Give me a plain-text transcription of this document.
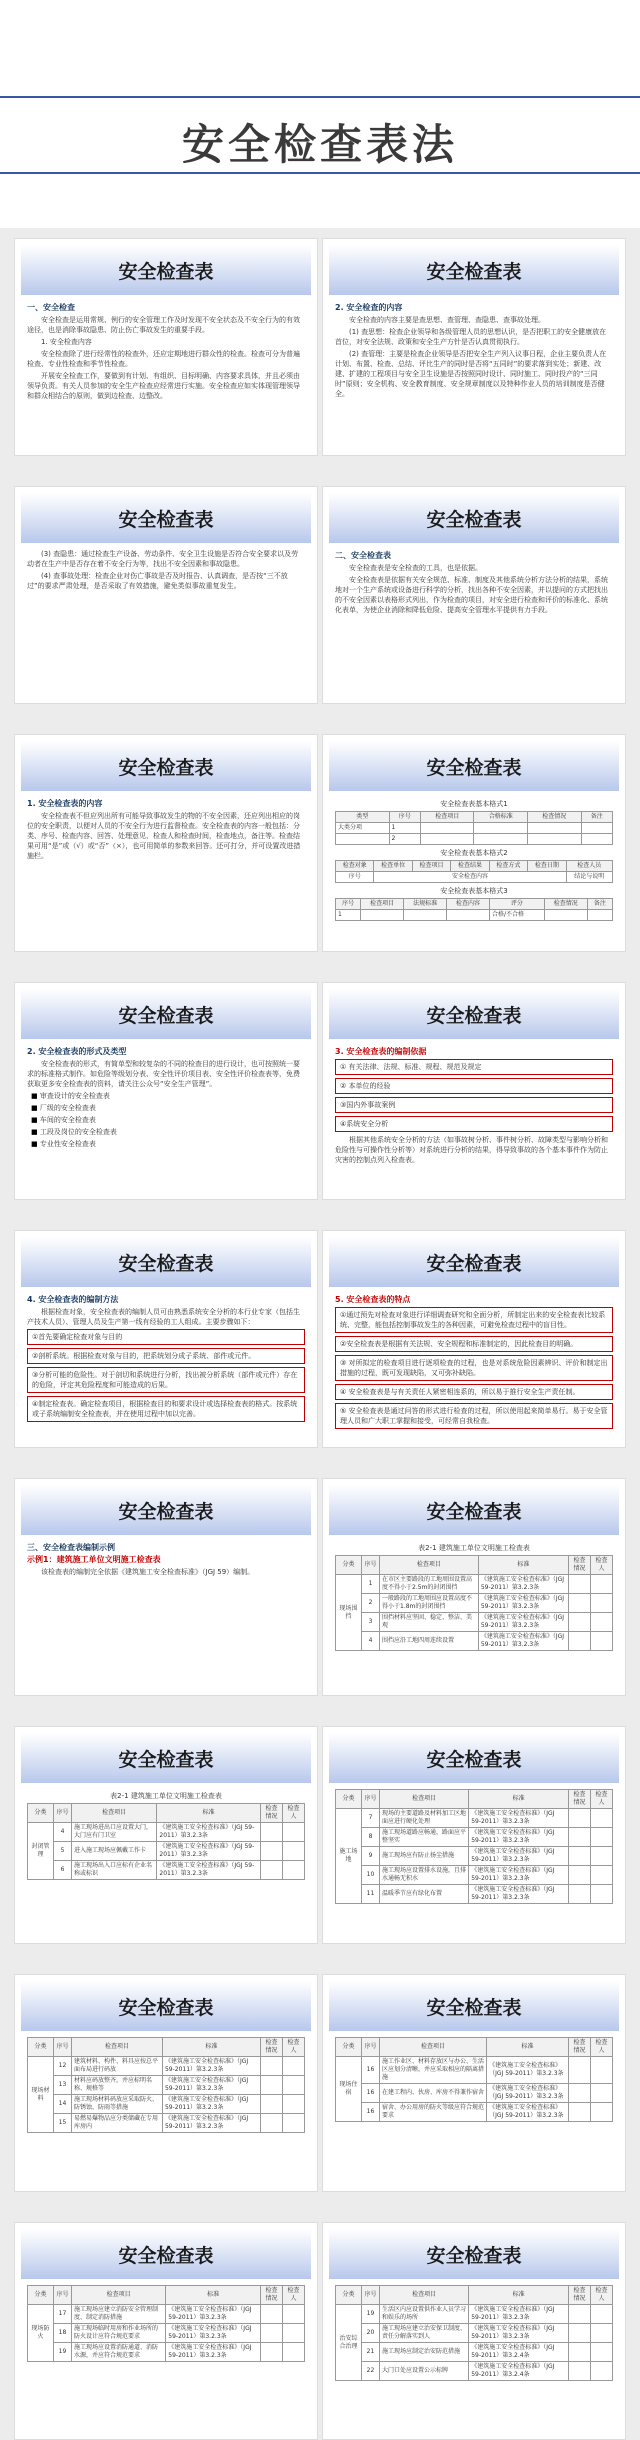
安全检查表法
安全检查表
一、安全检查
安全检查是运用常规、例行的安全管理工作及时发现不安全状态及不安全行为的有效途径，也是消除事故隐患、防止伤亡事故发生的重要手段。
1. 安全检查内容
安全检查除了进行经常性的检查外，还应定期地进行群众性的检查。检查可分为普遍检查、专业性检查和季节性检查。
开展安全检查工作，要做到有计划、有组织、目标明确、内容要求具体，并且必须由领导负责。有关人员参加的安全生产检查应经常进行实施。安全检查应如实体现管理领导和群众相结合的原则，做到边检查、边整改。
安全检查表
2. 安全检查的内容
安全检查的内容主要是查思想、查管理、查隐患、查事故处理。
(1) 查思想：检查企业领导和各级管理人员的思想认识，是否把职工的安全健康放在首位，对安全法规、政策和安全生产方针是否认真贯彻执行。
(2) 查管理：主要是检查企业领导是否把安全生产列入议事日程，企业主要负责人在计划、布置、检查、总结、评比生产的同时是否将“五同时”的要求落到实处；新建、改建、扩建的工程项目与安全卫生设施是否按照同时设计、同时施工、同时投产的“三同时”原则；安全机构、安全教育制度、安全规章制度以及特种作业人员的培训制度是否健全。
安全检查表
(3) 查隐患：通过检查生产设备、劳动条件、安全卫生设施是否符合安全要求以及劳动者在生产中是否存在着不安全行为等，找出不安全因素和事故隐患。
(4) 查事故处理：检查企业对伤亡事故是否及时报告、认真调查，是否按“三不放过”的要求严肃处理，是否采取了有效措施，避免类似事故重复发生。
安全检查表
二、安全检查表
安全检查表是安全检查的工具，也是依据。
安全检查表是依据有关安全规范、标准、制度及其他系统分析方法分析的结果，系统地对一个生产系统或设备进行科学的分析，找出各种不安全因素，并以提问的方式把找出的不安全因素以表格形式列出，作为检查的项目，对安全进行检查和评价的标准化、系统化表单，为使企业消除和降低危险、提高安全管理水平提供有力手段。
安全检查表
1. 安全检查表的内容
安全检查表不但应列出所有可能导致事故发生的物的不安全因素，还应列出相应的岗位的安全职责，以便对人员的不安全行为进行监督检查。安全检查表的内容一般包括：分类、序号、检查内容、回答、处理意见、检查人和检查时间，检查地点，备注等。检查结果可用“是”或（√）或“否”（×），也可用简单的参数来回答。还可打分，并可设置改进措施栏。
安全检查表
安全检查表基本格式1
类型	序号	检查项目	合格标准	检查情况	备注
大类分项	1				
	2				
安全检查表基本格式2
检查对象	检查单位	检查项目	检查结果	检查方式	检查日期	检查人员
序号	安全检查内容					结论与说明
安全检查表基本格式3
序号	检查项目	法规标准	检查内容	评分	检查情况	备注
1				合格/不合格		
安全检查表
2. 安全检查表的形式及类型
安全检查表的形式，有简单型和较复杂的不同的检查目的进行设计，也可按照统一要求的标准格式制作。如危险等级划分表、安全性评价项目表、安全性评价检查表等，免费获取更多安全检查表的资料，请关注公众号“安全生产管理”。
■ 审查设计的安全检查表
■ 厂级的安全检查表
■ 车间的安全检查表
■ 工段及岗位的安全检查表
■ 专业性安全检查表
安全检查表
3. 安全检查表的编制依据
① 有关法律、法规、标准、规程、规范及规定
② 本单位的经验
③国内外事故案例
④系统安全分析
根据其他系统安全分析的方法（如事故树分析、事件树分析、故障类型与影响分析和危险性与可操作性分析等）对系统进行分析的结果，得导致事故的各个基本事件作为防止灾害的控制点列入检查表。
安全检查表
4. 安全检查表的编制方法
根据检查对象，安全检查表的编制人员可由熟悉系统安全分析的本行业专家（包括生产技术人员）、管理人员及生产第一线有经验的工人组成。主要步骤如下：
①首先要确定检查对象与目的
②剖析系统。根据检查对象与目的，把系统划分成子系统、部件或元件。
③分析可能的危险性。对于剖切和系统进行分析，找出被分析系统（部件或元件）存在的危险，评定其危险程度和可能造成的后果。
④制定检查表。确定检查项目，根据检查目的和要求设计或选择检查表的格式。按系统或子系统编制安全检查表，并在使用过程中加以完善。
安全检查表
5. 安全检查表的特点
①通过预先对检查对象进行详细调查研究和全面分析，所制定出来的安全检查表比较系统、完整，能包括控制事故发生的各种因素，可避免检查过程中的盲目性。
②安全检查表是根据有关法规、安全规程和标准制定的，因此检查目的明确。
③ 对所拟定的检查项目进行逐项检查的过程，也是对系统危险因素辨识、评价和制定出措施的过程，既可发现缺陷，又可弥补缺陷。
④ 安全检查表是与有关责任人紧密相连系的，所以易于推行安全生产责任制。
⑤ 安全检查表是通过问答的形式进行检查的过程，所以使用起来简单易行。易于安全管理人员和广大职工掌握和接受，可经常自我检查。
安全检查表
三、安全检查表编制示例
示例1：建筑施工单位文明施工检查表
该检查表的编制完全依据《建筑施工安全检查标准》（JGJ 59）编制。
安全检查表
表2-1 建筑施工单位文明施工检查表
分类	序号	检查项目	标准	检查情况	检查人
现场围挡	1	在市区主要路段的工地周围设置高度不得小于2.5m的封闭围挡	《建筑施工安全检查标准》（JGJ 59-2011）第3.2.3条		
	2	一般路段的工地周围应设置高度不得小于1.8m的封闭围挡	《建筑施工安全检查标准》（JGJ 59-2011）第3.2.3条		
	3	围挡材料应坚固、稳定、整洁、美观	《建筑施工安全检查标准》（JGJ 59-2011）第3.2.3条		
	4	围挡应沿工地四周连续设置	《建筑施工安全检查标准》（JGJ 59-2011）第3.2.3条		
安全检查表
表2-1 建筑施工单位文明施工检查表
分类	序号	检查项目	标准	检查情况	检查人
封闭管理	4	施工现场进出口应设置大门，大门应有门卫室	《建筑施工安全检查标准》（JGJ 59-2011）第3.2.3条		
	5	进入施工现场应佩戴工作卡	《建筑施工安全检查标准》（JGJ 59-2011）第3.2.3条		
	6	施工现场出入口应标有企业名称或标识	《建筑施工安全检查标准》（JGJ 59-2011）第3.2.3条		
安全检查表
分类	序号	检查项目	标准	检查情况	检查人
施工场地	7	现场的主要道路及材料加工区地面应进行硬化处理	《建筑施工安全检查标准》（JGJ 59-2011）第3.2.3条		
	8	施工现场道路应畅通，路面应平整坚实	《建筑施工安全检查标准》（JGJ 59-2011）第3.2.3条		
	9	施工现场应有防止扬尘措施	《建筑施工安全检查标准》（JGJ 59-2011）第3.2.3条		
	10	施工现场应设置排水设施，且排水通畅无积水	《建筑施工安全检查标准》（JGJ 59-2011）第3.2.3条		
	11	温暖季节应有绿化布置	《建筑施工安全检查标准》（JGJ 59-2011）第3.2.3条		
安全检查表
分类	序号	检查项目	标准	检查情况	检查人
现场材料	12	建筑材料、构件、料具应按总平面布局进行码放	《建筑施工安全检查标准》（JGJ 59-2011）第3.2.3条		
	13	材料应码放整齐，并应标明名称、规格等	《建筑施工安全检查标准》（JGJ 59-2011）第3.2.3条		
	14	施工现场材料码放应采取防火、防锈蚀、防雨等措施	《建筑施工安全检查标准》（JGJ 59-2011）第3.2.3条		
	15	易燃易爆物品应分类储藏在专用库房内	《建筑施工安全检查标准》（JGJ 59-2011）第3.2.3条		
安全检查表
分类	序号	检查项目	标准	检查情况	检查人
现场住宿	16	施工作业区、材料存放区与办公、生活区应划分清晰，并应采取相应的隔离措施	《建筑施工安全检查标准》（JGJ 59-2011）第3.2.3条		
	16	在建工程内、伙房、库房不得兼作宿舍	《建筑施工安全检查标准》（JGJ 59-2011）第3.2.3条		
	16	宿舍、办公用房的防火等级应符合规范要求	《建筑施工安全检查标准》（JGJ 59-2011）第3.2.3条		
安全检查表
分类	序号	检查项目	标准	检查情况	检查人
现场防火	17	施工现场应建立消防安全管理制度、制定消防措施	《建筑施工安全检查标准》（JGJ 59-2011）第3.2.3条		
	18	施工现场临时用房和作业场所的防火设计应符合规范要求	《建筑施工安全检查标准》（JGJ 59-2011）第3.2.3条		
	19	施工现场应设置消防通道、消防水源，并应符合规范要求	《建筑施工安全检查标准》（JGJ 59-2011）第3.2.3条		
安全检查表
分类	序号	检查项目	标准	检查情况	检查人
治安综合治理	19	生活区内应设置供作业人员学习和娱乐的场所	《建筑施工安全检查标准》（JGJ 59-2011）第3.2.3条		
	20	施工现场应建立治安保卫制度、责任分解落实到人	《建筑施工安全检查标准》（JGJ 59-2011）第3.2.3条		
	21	施工现场应制定治安防范措施	《建筑施工安全检查标准》（JGJ 59-2011）第3.2.4条		
	22	大门口处应设置公示标牌	《建筑施工安全检查标准》（JGJ 59-2011）第3.2.4条		
